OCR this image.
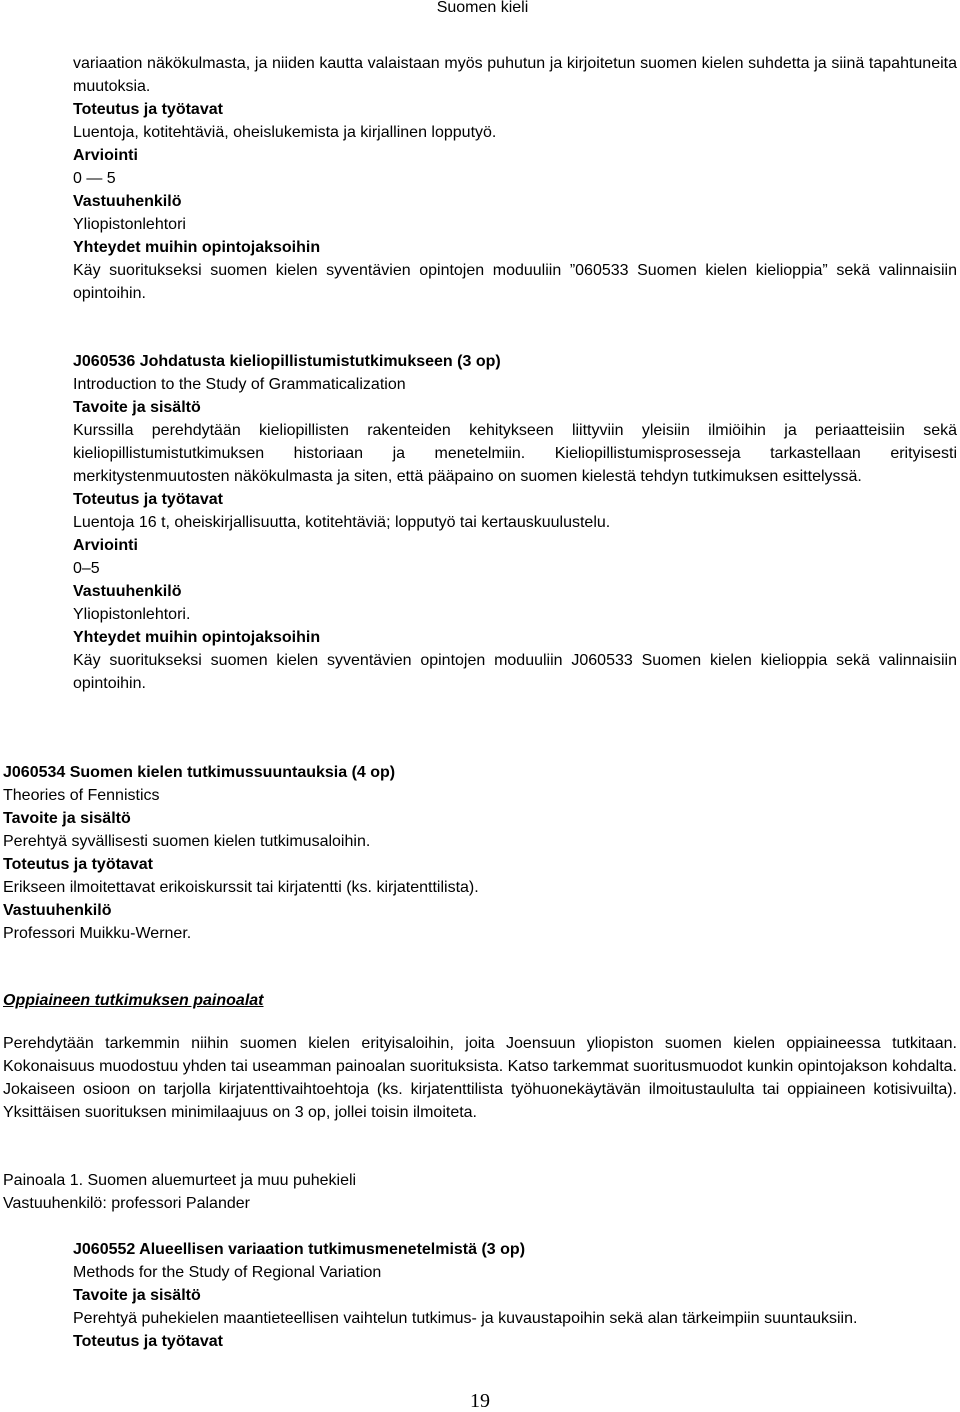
Suomen kieli

variaation näkökulmasta, ja niiden kautta valaistaan myös puhutun ja kirjoitetun suomen kielen suhdetta ja siinä tapahtuneita muutoksia.

Toteutus ja työtavat

Luentoja, kotitehtäviä, oheislukemista ja kirjallinen lopputyö.

Arviointi

0 — 5

Vastuuhenkilö

Yliopistonlehtori

Yhteydet muihin opintojaksoihin

Käy suoritukseksi suomen kielen syventävien opintojen moduuliin ”060533 Suomen kielen kielioppia” sekä valinnaisiin opintoihin.

J060536 Johdatusta kieliopillistumistutkimukseen (3 op)

Introduction to the Study of Grammaticalization

Tavoite ja sisältö

Kurssilla perehdytään kieliopillisten rakenteiden kehitykseen liittyviin yleisiin ilmiöihin ja periaatteisiin sekä kieliopillistumistutkimuksen historiaan ja menetelmiin. Kieliopillistumisprosesseja tarkastellaan erityisesti merkitystenmuutosten näkökulmasta ja siten, että pääpaino on suomen kielestä tehdyn tutkimuksen esittelyssä.

Toteutus ja työtavat

Luentoja 16 t, oheiskirjallisuutta, kotitehtäviä; lopputyö tai kertauskuulustelu.

Arviointi

0–5

Vastuuhenkilö

Yliopistonlehtori.

Yhteydet muihin opintojaksoihin

Käy suoritukseksi suomen kielen syventävien opintojen moduuliin J060533 Suomen kielen kielioppia sekä valinnaisiin opintoihin.

J060534 Suomen kielen tutkimussuuntauksia (4 op)

Theories of Fennistics

Tavoite ja sisältö

Perehtyä syvällisesti suomen kielen tutkimusaloihin.

Toteutus ja työtavat

Erikseen ilmoitettavat erikoiskurssit tai kirjatentti (ks. kirjatenttilista).

Vastuuhenkilö

Professori Muikku-Werner.

Oppiaineen tutkimuksen painoalat

Perehdytään tarkemmin niihin suomen kielen erityisaloihin, joita Joensuun yliopiston suomen kielen oppiaineessa tutkitaan. Kokonaisuus muodostuu yhden tai useamman painoalan suorituksista. Katso tarkemmat suoritusmuodot kunkin opintojakson kohdalta. Jokaiseen osioon on tarjolla kirjatenttivaihtoehtoja (ks. kirjatenttilista työhuonekäytävän ilmoitustaululta tai oppiaineen kotisivuilta). Yksittäisen suorituksen minimilaajuus on 3 op, jollei toisin ilmoiteta.

Painoala 1. Suomen aluemurteet ja muu puhekieli

Vastuuhenkilö: professori Palander

J060552 Alueellisen variaation tutkimusmenetelmistä (3 op)

Methods for the Study of Regional Variation

Tavoite ja sisältö

Perehtyä puhekielen maantieteellisen vaihtelun tutkimus- ja kuvaustapoihin sekä alan tärkeimpiin suuntauksiin.

Toteutus ja työtavat

19
